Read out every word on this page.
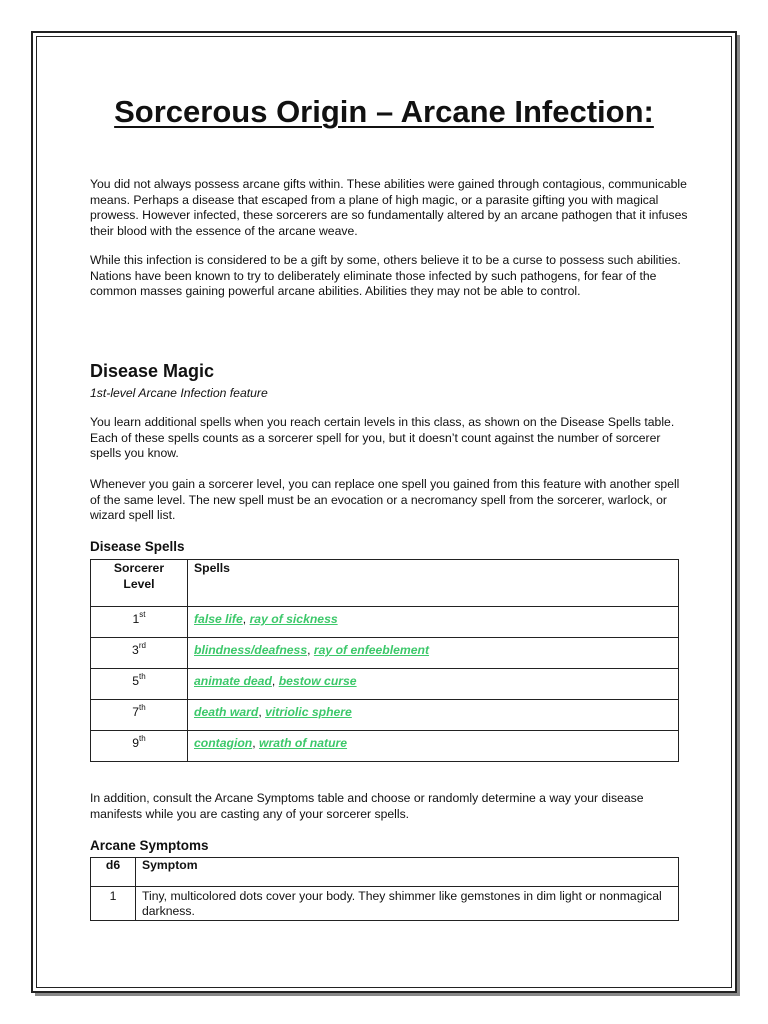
Sorcerous Origin – Arcane Infection:

You did not always possess arcane gifts within. These abilities were gained through contagious, communicable means. Perhaps a disease that escaped from a plane of high magic, or a parasite gifting you with magical prowess. However infected, these sorcerers are so fundamentally altered by an arcane pathogen that it infuses their blood with the essence of the arcane weave.

While this infection is considered to be a gift by some, others believe it to be a curse to possess such abilities. Nations have been known to try to deliberately eliminate those infected by such pathogens, for fear of the common masses gaining powerful arcane abilities. Abilities they may not be able to control.

Disease Magic

1st-level Arcane Infection feature

You learn additional spells when you reach certain levels in this class, as shown on the Disease Spells table. Each of these spells counts as a sorcerer spell for you, but it doesn’t count against the number of sorcerer spells you know.

Whenever you gain a sorcerer level, you can replace one spell you gained from this feature with another spell of the same level. The new spell must be an evocation or a necromancy spell from the sorcerer, warlock, or wizard spell list.

Disease Spells
Sorcerer
Level	Spells
1st	false life, ray of sickness
3rd	blindness/deafness, ray of enfeeblement
5th	animate dead, bestow curse
7th	death ward, vitriolic sphere
9th	contagion, wrath of nature

In addition, consult the Arcane Symptoms table and choose or randomly determine a way your disease manifests while you are casting any of your sorcerer spells.

Arcane Symptoms
d6	Symptom
1	Tiny, multicolored dots cover your body. They shimmer like gemstones in dim light or nonmagical darkness.
